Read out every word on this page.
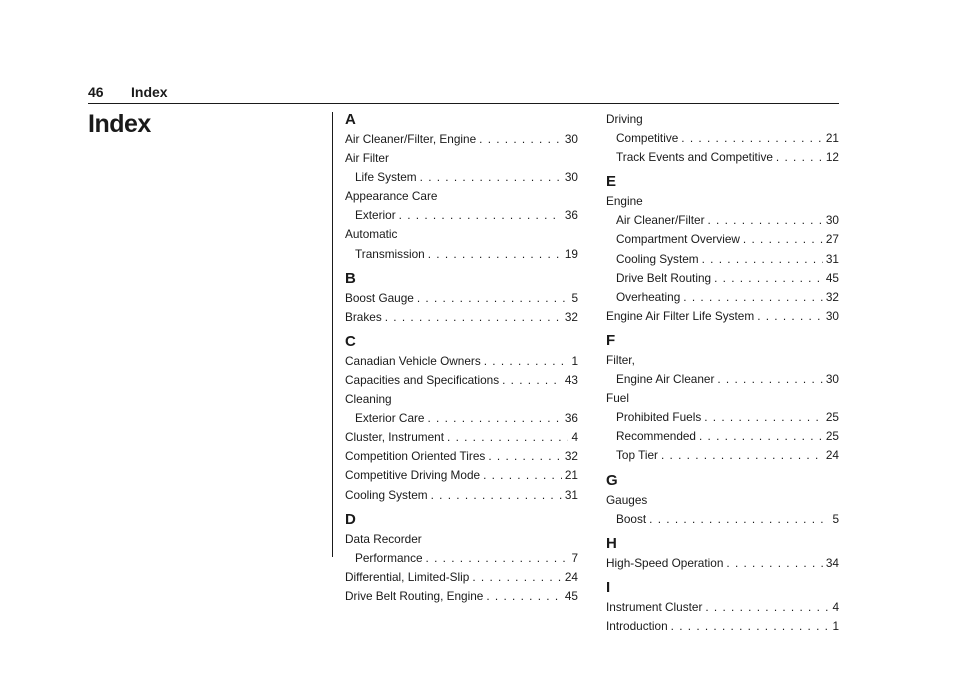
46 Index
Index	A
Air Cleaner/Filter, Engine . . .	30
Air Filter
Life System . . .	30
Appearance Care
Exterior . . .	36
Automatic
Transmission . . .	19
B
Boost Gauge . . .	5
Brakes . . .	32
C
Canadian Vehicle Owners . . .	1
Capacities and Specifications . . .	43
Cleaning
Exterior Care . . .	36
Cluster, Instrument . . .	4
Competition Oriented Tires . . .	32
Competitive Driving Mode . . .	21
Cooling System . . .	31
D
Data Recorder
Performance . . .	7
Differential, Limited-Slip . . .	24
Drive Belt Routing, Engine . . .	45
Driving
Competitive . . .	21
Track Events and Competitive . . .	12
E
Engine
Air Cleaner/Filter . . .	30
Compartment Overview . . .	27
Cooling System . . .	31
Drive Belt Routing . . .	45
Overheating . . .	32
Engine Air Filter Life System . . .	30
F
Filter,
Engine Air Cleaner . . .	30
Fuel
Prohibited Fuels . . .	25
Recommended . . .	25
Top Tier . . .	24
G
Gauges
Boost . . .	5
H
High-Speed Operation . . .	34
I
Instrument Cluster . . .	4
Introduction . . .	1
